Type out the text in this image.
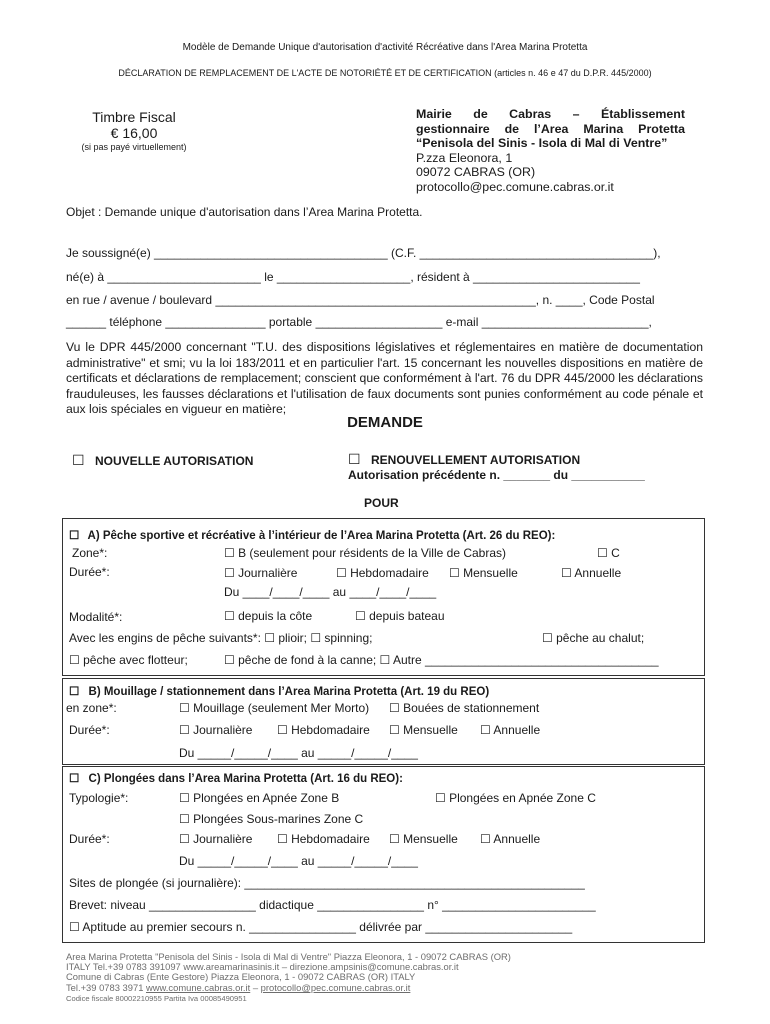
Modèle de Demande Unique d'autorisation d'activité Récréative dans l'Area Marina Protetta
DÉCLARATION DE REMPLACEMENT DE L'ACTE DE NOTORIÉTÉ ET DE CERTIFICATION (articles n. 46 e 47 du D.P.R. 445/2000)
Timbre Fiscal
€ 16,00
(si pas payé virtuellement)
Mairie de Cabras – Établissement gestionnaire de l’Area Marina Protetta “Penisola del Sinis - Isola di Mal di Ventre”
P.zza Eleonora, 1
09072 CABRAS (OR)
protocollo@pec.comune.cabras.or.it
Objet : Demande unique d'autorisation dans l’Area Marina Protetta.
Je soussigné(e) ___________________________________ (C.F. ___________________________________),
né(e) à _______________________ le ____________________, résident à _________________________
en rue / avenue / boulevard ________________________________________________, n. ____, Code Postal
______ téléphone _______________ portable ___________________ e-mail _________________________,
Vu le DPR 445/2000 concernant "T.U. des dispositions législatives et réglementaires en matière de documentation administrative" et smi; vu la loi 183/2011 et en particulier l'art. 15 concernant les nouvelles dispositions en matière de certificats et déclarations de remplacement; conscient que conformément à l'art. 76 du DPR 445/2000 les déclarations frauduleuses, les fausses déclarations et l'utilisation de faux documents sont punies conformément au code pénale et aux lois spéciales en vigueur en matière;
DEMANDE
☐ NOUVELLE AUTORISATION	☐ RENOUVELLEMENT AUTORISATION
Autorisation précédente n. _______ du ___________
POUR
☐ A) Pêche sportive et récréative à l’intérieur de l’Area Marina Protetta (Art. 26 du REO):
Zone*:	☐ B (seulement pour résidents de la Ville de Cabras)	☐ C
Durée*:	☐ Journalière	☐ Hebdomadaire ☐ Mensuelle	☐ Annuelle
Du ____/____/____ au ____/____/____
Modalité*:	☐ depuis la côte	☐ depuis bateau
Avec les engins de pêche suivants*: ☐ plioir; ☐ spinning;	☐ pêche au chalut;
☐ pêche avec flotteur;	☐ pêche de fond à la canne; ☐ Autre ___________________________________
☐ B) Mouillage / stationnement dans l’Area Marina Protetta (Art. 19 du REO)
en zone*:	☐ Mouillage (seulement Mer Morto) ☐ Bouées de stationnement
Durée*:	☐ Journalière ☐ Hebdomadaire ☐ Mensuelle ☐ Annuelle
Du _____/_____/____ au _____/_____/____
☐ C) Plongées dans l’Area Marina Protetta (Art. 16 du REO):
Typologie*:	☐ Plongées en Apnée Zone B	☐ Plongées en Apnée Zone C
☐ Plongées Sous-marines Zone C
Durée*:	☐ Journalière ☐ Hebdomadaire ☐ Mensuelle ☐ Annuelle
Du _____/_____/____ au _____/_____/____
Sites de plongée (si journalière): ___________________________________________________
Brevet: niveau ________________ didactique ________________ n° _______________________
☐ Aptitude au premier secours n. ________________ délivrée par ______________________
Area Marina Protetta "Penisola del Sinis - Isola di Mal di Ventre" Piazza Eleonora, 1 - 09072 CABRAS (OR)
ITALY Tel.+39 0783 391097 www.areamarinasinis.it – direzione.ampsinis@comune.cabras.or.it
Comune di Cabras (Ente Gestore) Piazza Eleonora, 1 - 09072 CABRAS (OR) ITALY
Tel.+39 0783 3971 www.comune.cabras.or.it – protocollo@pec.comune.cabras.or.it
Codice fiscale 80002210955 Partita Iva 00085490951
